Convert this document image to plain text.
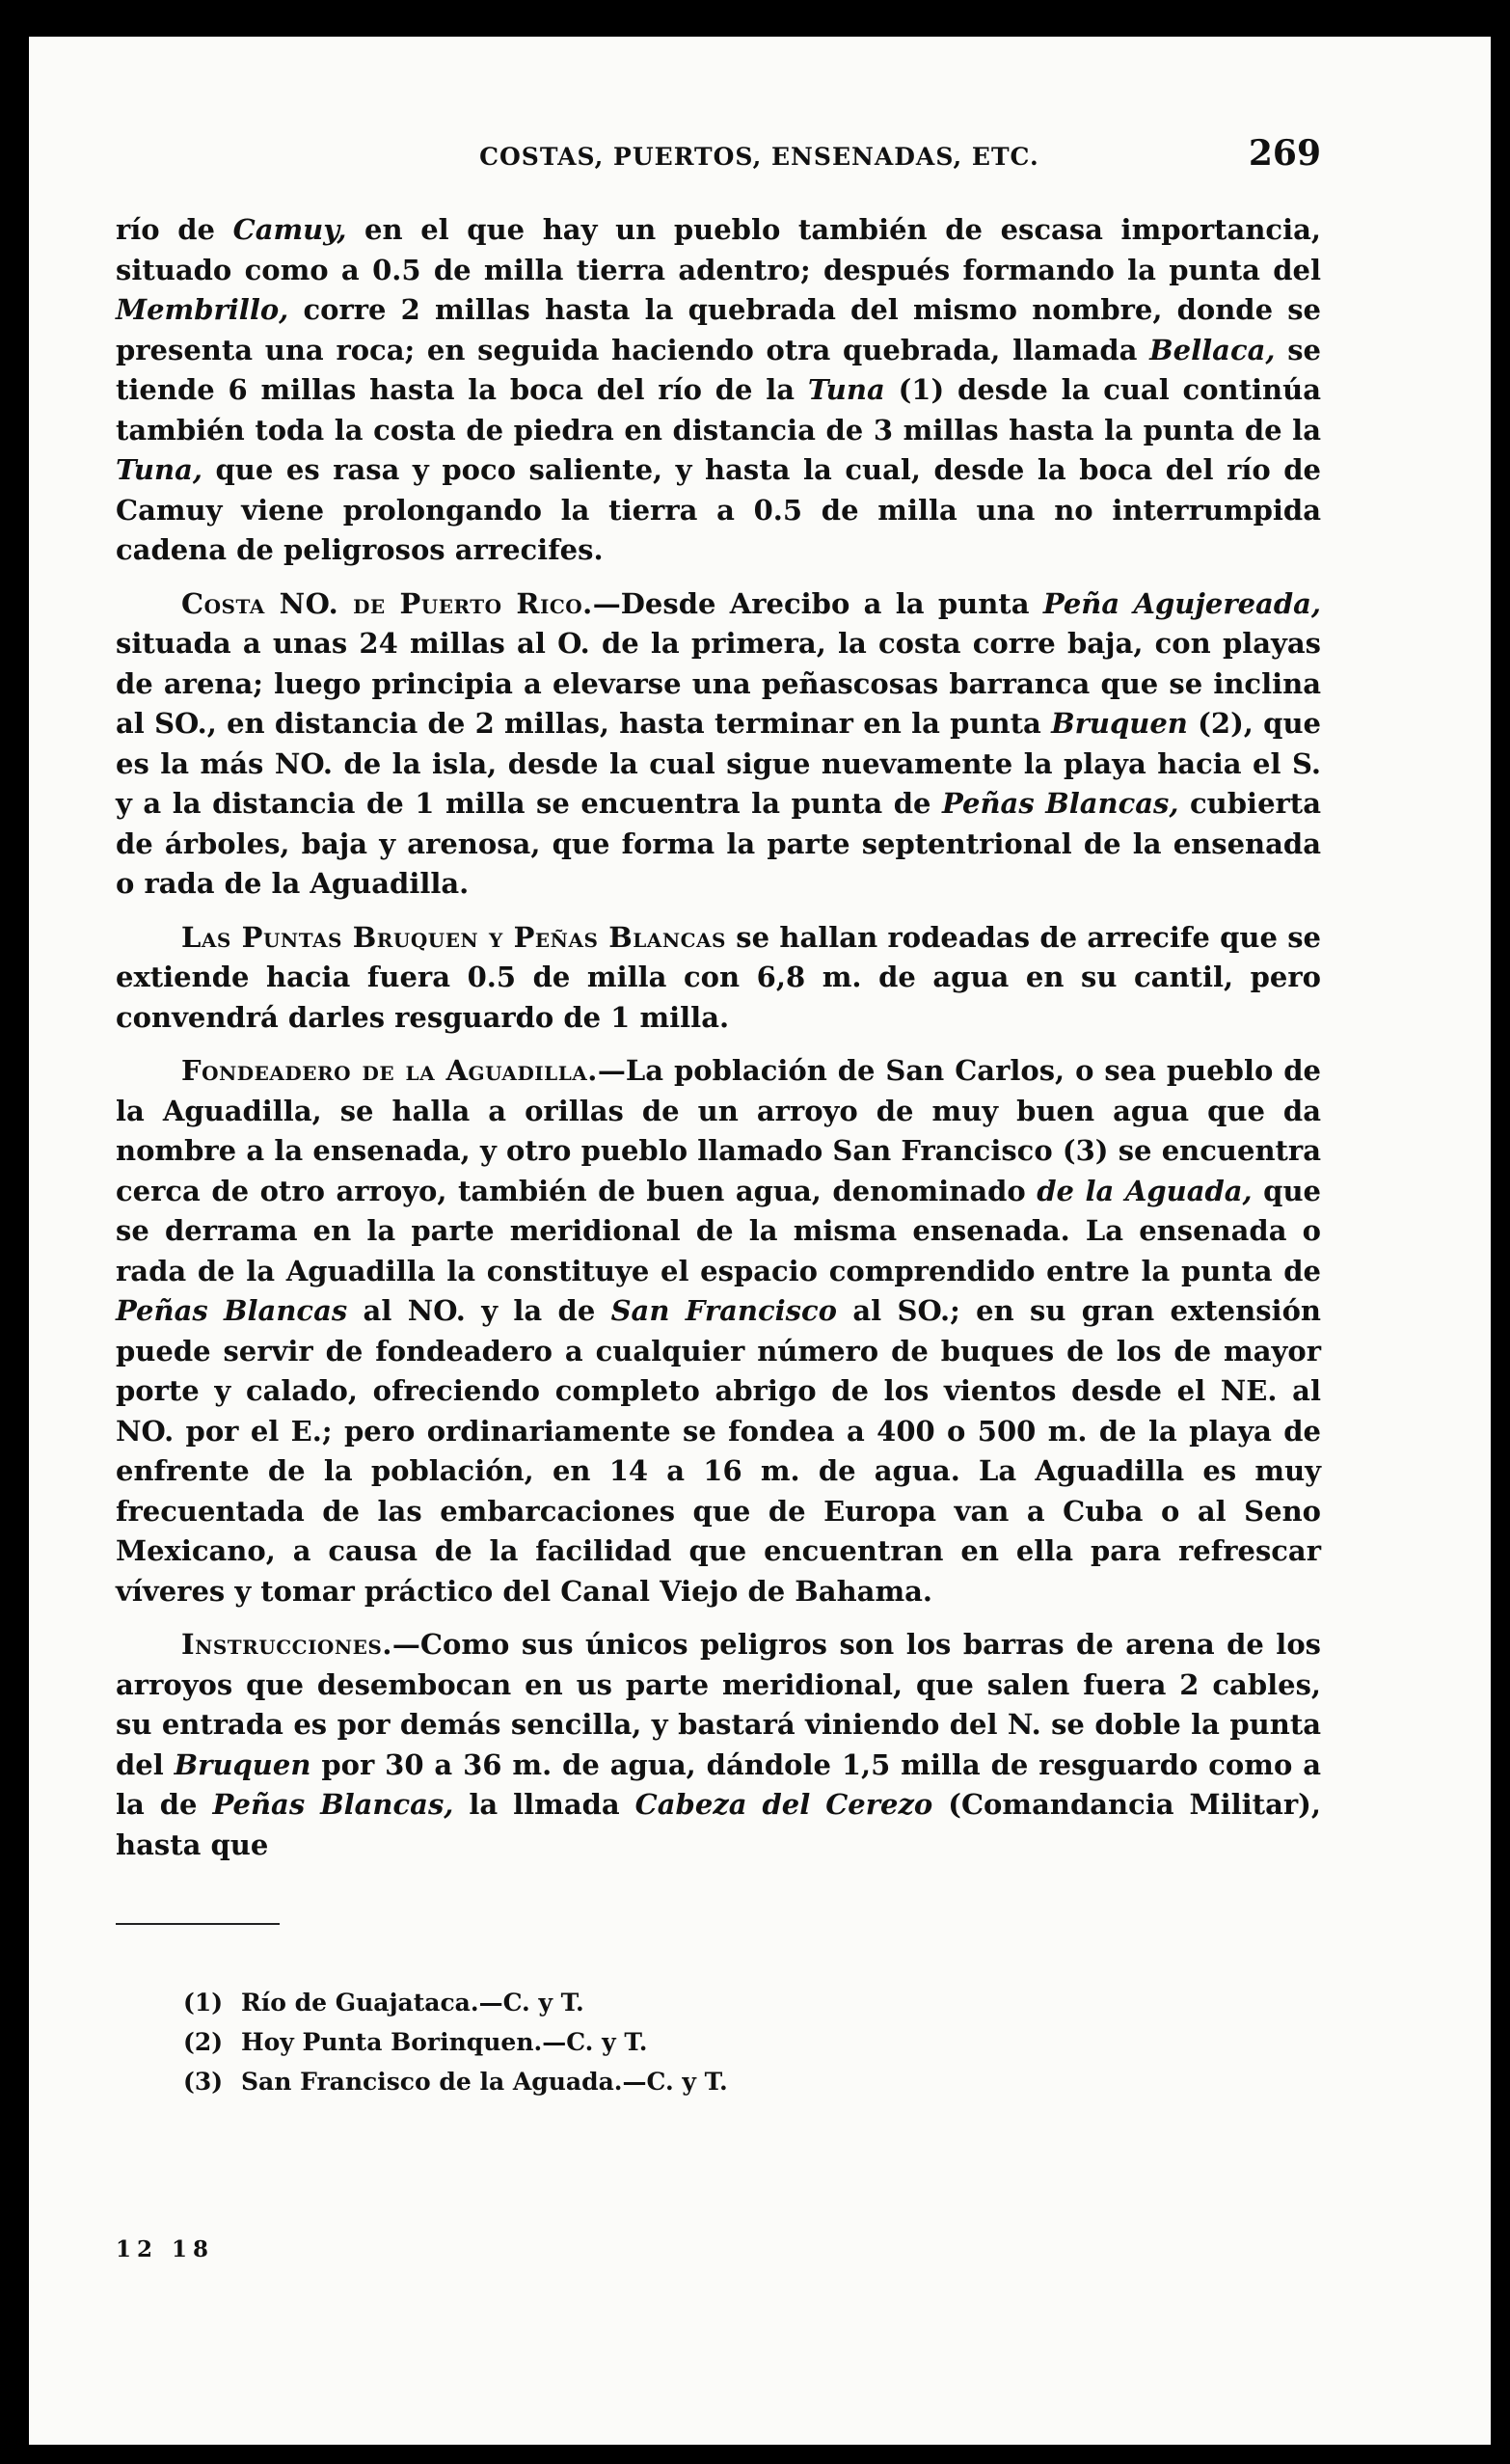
COSTAS, PUERTOS, ENSENADAS, ETC.	269

río de Camuy, en el que hay un pueblo también de escasa importancia, situado como a 0.5 de milla tierra adentro; después formando la punta del Membrillo, corre 2 millas hasta la quebrada del mismo nombre, donde se presenta una roca; en seguida haciendo otra quebrada, llamada Bellaca, se tiende 6 millas hasta la boca del río de la Tuna (1) desde la cual continúa también toda la costa de piedra en distancia de 3 millas hasta la punta de la Tuna, que es rasa y poco saliente, y hasta la cual, desde la boca del río de Camuy viene prolongando la tierra a 0.5 de milla una no interrumpida cadena de peligrosos arrecifes.

Costa NO. de Puerto Rico.—Desde Arecibo a la punta Peña Agujereada, situada a unas 24 millas al O. de la primera, la costa corre baja, con playas de arena; luego principia a elevarse una peñascosas barranca que se inclina al SO., en distancia de 2 millas, hasta terminar en la punta Bruquen (2), que es la más NO. de la isla, desde la cual sigue nuevamente la playa hacia el S. y a la distancia de 1 milla se encuentra la punta de Peñas Blancas, cubierta de árboles, baja y arenosa, que forma la parte septentrional de la ensenada o rada de la Aguadilla.

Las Puntas Bruquen y Peñas Blancas se hallan rodeadas de arrecife que se extiende hacia fuera 0.5 de milla con 6,8 m. de agua en su cantil, pero convendrá darles resguardo de 1 milla.

Fondeadero de la Aguadilla.—La población de San Carlos, o sea pueblo de la Aguadilla, se halla a orillas de un arroyo de muy buen agua que da nombre a la ensenada, y otro pueblo llamado San Francisco (3) se encuentra cerca de otro arroyo, también de buen agua, denominado de la Aguada, que se derrama en la parte meridional de la misma ensenada. La ensenada o rada de la Aguadilla la constituye el espacio comprendido entre la punta de Peñas Blancas al NO. y la de San Francisco al SO.; en su gran extensión puede servir de fondeadero a cualquier número de buques de los de mayor porte y calado, ofreciendo completo abrigo de los vientos desde el NE. al NO. por el E.; pero ordinariamente se fondea a 400 o 500 m. de la playa de enfrente de la población, en 14 a 16 m. de agua. La Aguadilla es muy frecuentada de las embarcaciones que de Europa van a Cuba o al Seno Mexicano, a causa de la facilidad que encuentran en ella para refrescar víveres y tomar práctico del Canal Viejo de Bahama.

Instrucciones.—Como sus únicos peligros son los barras de arena de los arroyos que desembocan en us parte meridional, que salen fuera 2 cables, su entrada es por demás sencilla, y bastará viniendo del N. se doble la punta del Bruquen por 30 a 36 m. de agua, dándole 1,5 milla de resguardo como a la de Peñas Blancas, la llmada Cabeza del Cerezo (Comandancia Militar), hasta que

(1) Río de Guajataca.—C. y T.
(2) Hoy Punta Borinquen.—C. y T.
(3) San Francisco de la Aguada.—C. y T.
12 18
